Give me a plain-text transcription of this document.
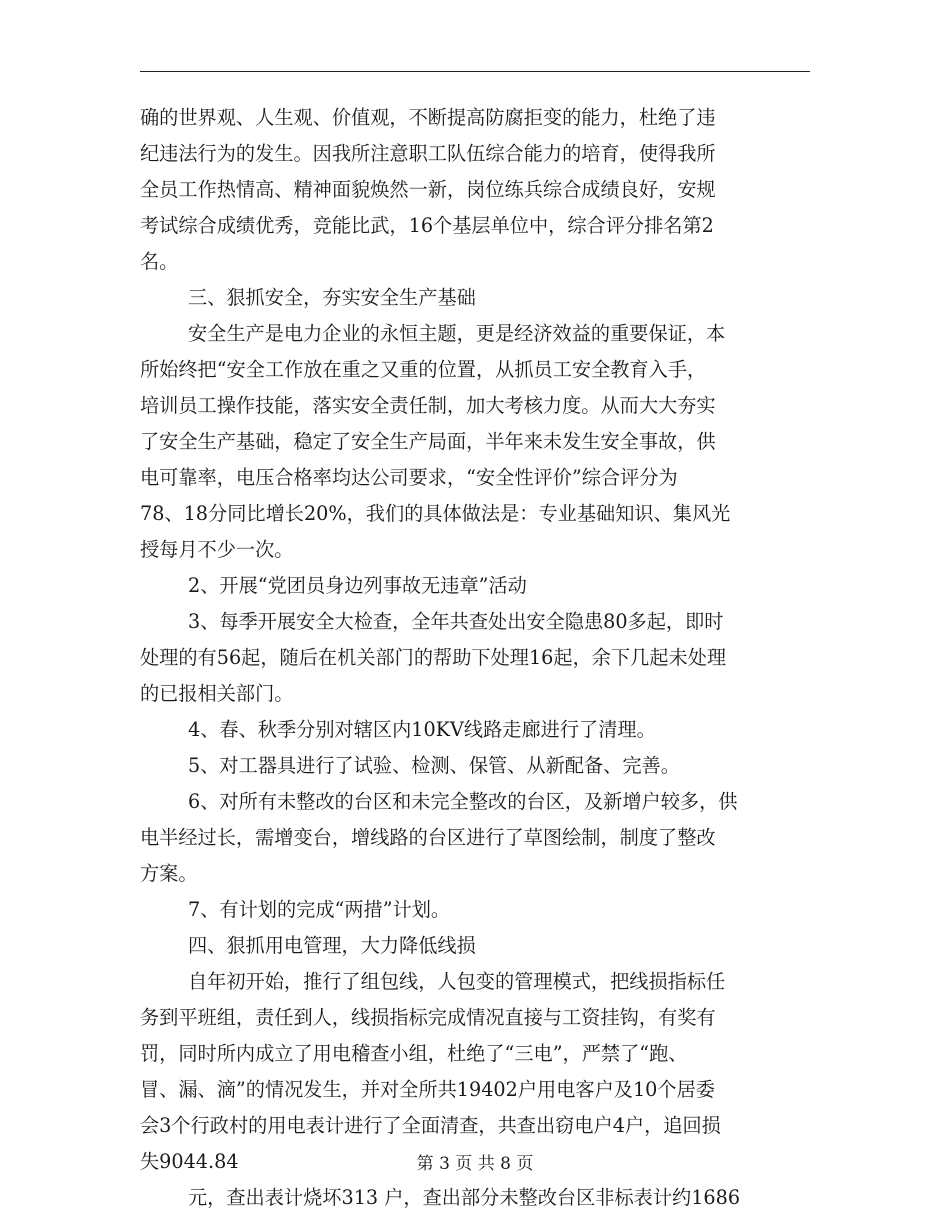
确的世界观、人生观、价值观，不断提高防腐拒变的能力，杜绝了违
纪违法行为的发生。因我所注意职工队伍综合能力的培育，使得我所
全员工作热情高、精神面貌焕然一新，岗位练兵综合成绩良好，安规
考试综合成绩优秀，竞能比武，16个基层单位中，综合评分排名第2
名。
三、狠抓安全，夯实安全生产基础
安全生产是电力企业的永恒主题，更是经济效益的重要保证，本
所始终把“安全工作放在重之又重的位置，从抓员工安全教育入手，
培训员工操作技能，落实安全责任制，加大考核力度。从而大大夯实
了安全生产基础，稳定了安全生产局面，半年来未发生安全事故，供
电可靠率，电压合格率均达公司要求，“安全性评价”综合评分为
78、18分同比增长20%，我们的具体做法是：专业基础知识、集风光
授每月不少一次。
2、开展“党团员身边列事故无违章”活动
3、每季开展安全大检查，全年共查处出安全隐患80多起，即时
处理的有56起，随后在机关部门的帮助下处理16起，余下几起未处理
的已报相关部门。
4、春、秋季分别对辖区内10KV线路走廊进行了清理。
5、对工器具进行了试验、检测、保管、从新配备、完善。
6、对所有未整改的台区和未完全整改的台区，及新增户较多，供
电半经过长，需增变台，增线路的台区进行了草图绘制，制度了整改
方案。
7、有计划的完成“两措”计划。
四、狠抓用电管理，大力降低线损
自年初开始，推行了组包线，人包变的管理模式，把线损指标任
务到平班组，责任到人，线损指标完成情况直接与工资挂钩，有奖有
罚，同时所内成立了用电稽查小组，杜绝了“三电”，严禁了“跑、
冒、漏、滴”的情况发生，并对全所共19402户用电客户及10个居委
会3个行政村的用电表计进行了全面清查，共查出窃电户4户，追回损
失9044.84
元，查出表计烧坏313 户，查出部分未整改台区非标表计约1686
第 3 页 共 8 页
